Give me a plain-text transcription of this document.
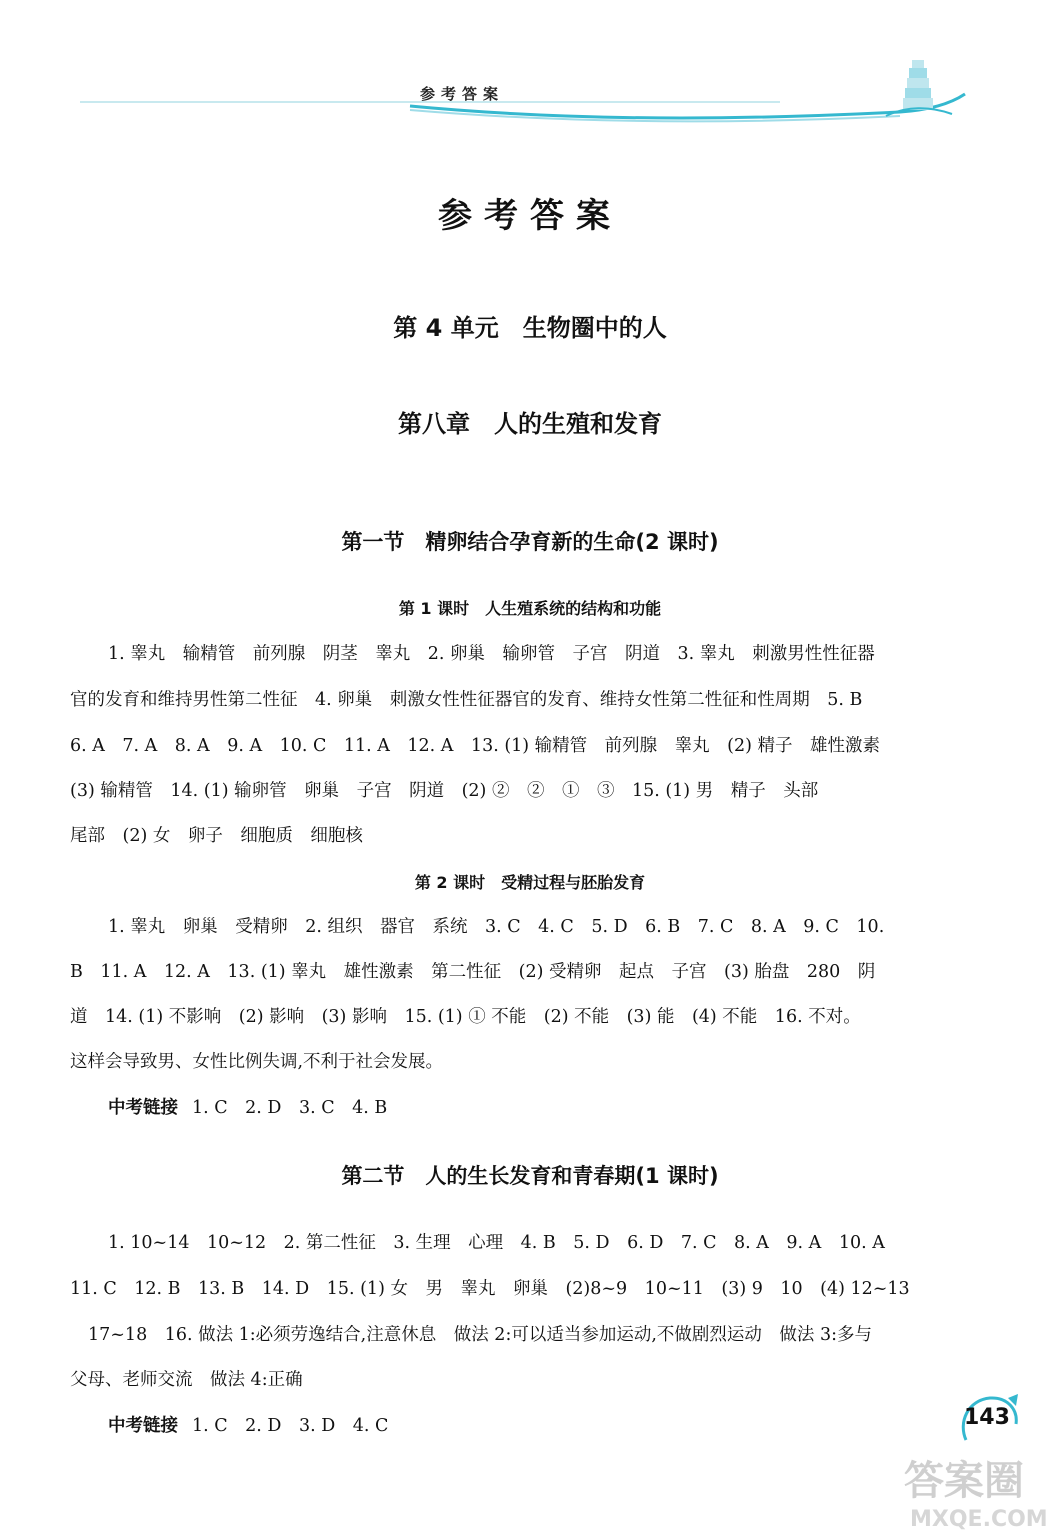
参考答案
参考答案
第 4 单元　生物圈中的人
第八章　人的生殖和发育
第一节　精卵结合孕育新的生命(2 课时)
第 1 课时　人生殖系统的结构和功能
1. 睾丸　输精管　前列腺　阴茎　睾丸　2. 卵巢　输卵管　子宫　阴道　3. 睾丸　刺激男性性征器
官的发育和维持男性第二性征　4. 卵巢　刺激女性性征器官的发育、维持女性第二性征和性周期　5. B
6. A　7. A　8. A　9. A　10. C　11. A　12. A　13. (1) 输精管　前列腺　睾丸　(2) 精子　雄性激素
(3) 输精管　14. (1) 输卵管　卵巢　子宫　阴道　(2) ②　②　①　③　15. (1) 男　精子　头部
尾部　(2) 女　卵子　细胞质　细胞核
第 2 课时　受精过程与胚胎发育
1. 睾丸　卵巢　受精卵　2. 组织　器官　系统　3. C　4. C　5. D　6. B　7. C　8. A　9. C　10.
B　11. A　12. A　13. (1) 睾丸　雄性激素　第二性征　(2) 受精卵　起点　子宫　(3) 胎盘　280　阴
道　14. (1) 不影响　(2) 影响　(3) 影响　15. (1) ① 不能　(2) 不能　(3) 能　(4) 不能　16. 不对。
这样会导致男、女性比例失调,不利于社会发展。
中考链接 1. C　2. D　3. C　4. B
第二节　人的生长发育和青春期(1 课时)
1. 10~14　10~12　2. 第二性征　3. 生理　心理　4. B　5. D　6. D　7. C　8. A　9. A　10. A
11. C　12. B　13. B　14. D　15. (1) 女　男　睾丸　卵巢　(2)8~9　10~11　(3) 9　10　(4) 12~13
17~18　16. 做法 1:必须劳逸结合,注意休息　做法 2:可以适当参加运动,不做剧烈运动　做法 3:多与
父母、老师交流　做法 4:正确
中考链接 1. C　2. D　3. D　4. C	143
答案圈
MXQE.COM
